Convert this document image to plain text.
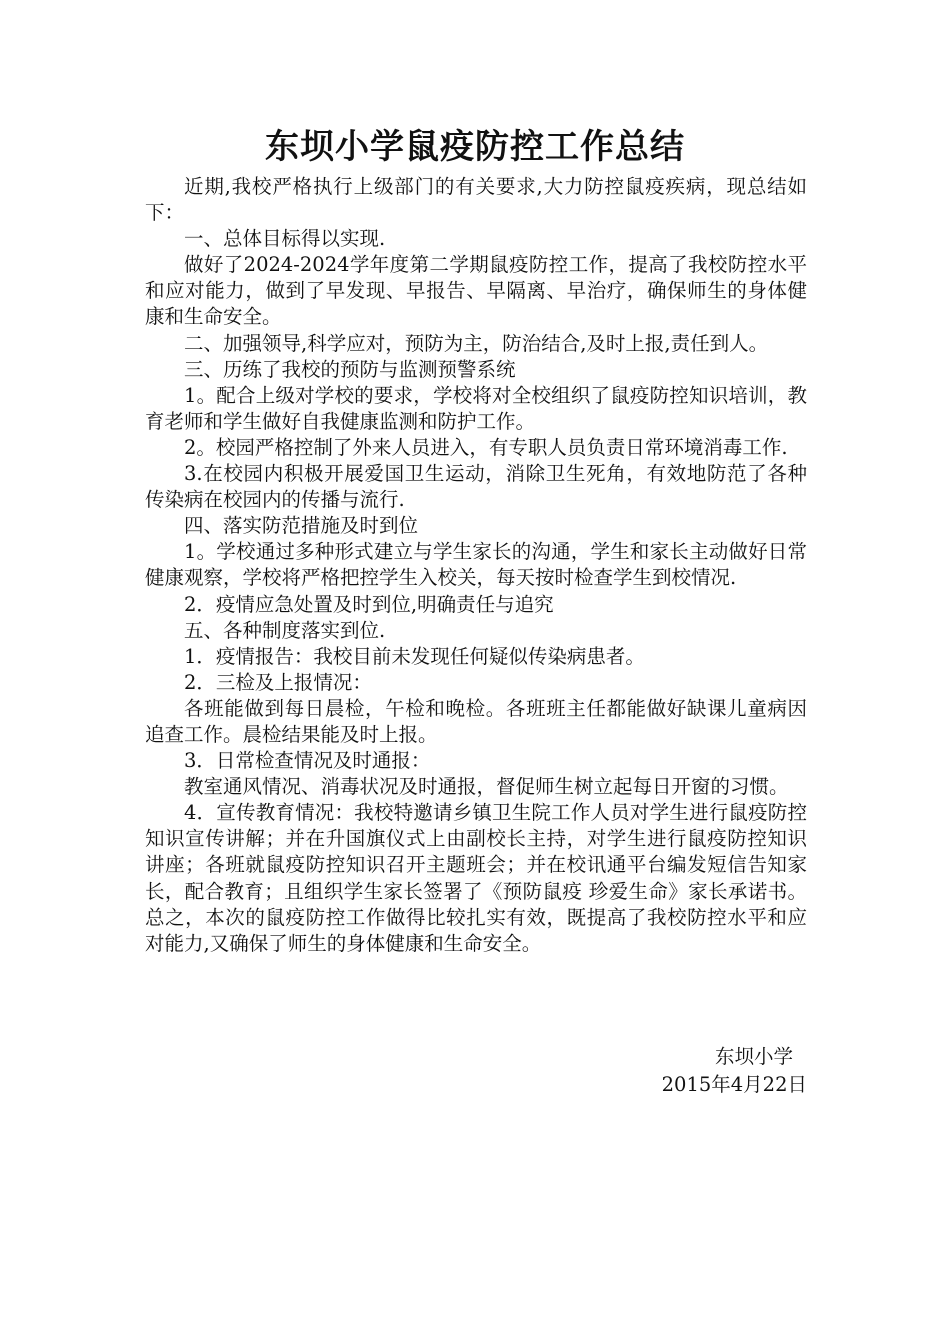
东坝小学鼠疫防控工作总结

近期,我校严格执行上级部门的有关要求,大力防控鼠疫疾病，现总结如下：

一、总体目标得以实现.

做好了2024-2024学年度第二学期鼠疫防控工作，提高了我校防控水平和应对能力，做到了早发现、早报告、早隔离、早治疗，确保师生的身体健康和生命安全。

二、加强领导,科学应对，预防为主，防治结合,及时上报,责任到人。

三、历练了我校的预防与监测预警系统

1。配合上级对学校的要求，学校将对全校组织了鼠疫防控知识培训，教育老师和学生做好自我健康监测和防护工作。

2。校园严格控制了外来人员进入，有专职人员负责日常环境消毒工作.

3.在校园内积极开展爱国卫生运动，消除卫生死角，有效地防范了各种传染病在校园内的传播与流行.

四、落实防范措施及时到位

1。学校通过多种形式建立与学生家长的沟通，学生和家长主动做好日常健康观察，学校将严格把控学生入校关，每天按时检查学生到校情况.

2．疫情应急处置及时到位,明确责任与追究

五、各种制度落实到位.

1．疫情报告：我校目前未发现任何疑似传染病患者。

2．三检及上报情况：

各班能做到每日晨检，午检和晚检。各班班主任都能做好缺课儿童病因追查工作。晨检结果能及时上报。

3．日常检查情况及时通报：

教室通风情况、消毒状况及时通报，督促师生树立起每日开窗的习惯。

4．宣传教育情况：我校特邀请乡镇卫生院工作人员对学生进行鼠疫防控知识宣传讲解；并在升国旗仪式上由副校长主持，对学生进行鼠疫防控知识讲座；各班就鼠疫防控知识召开主题班会；并在校讯通平台编发短信告知家长，配合教育；且组织学生家长签署了《预防鼠疫 珍爱生命》家长承诺书。总之，本次的鼠疫防控工作做得比较扎实有效，既提高了我校防控水平和应对能力,又确保了师生的身体健康和生命安全。

东坝小学
2015年4月22日
